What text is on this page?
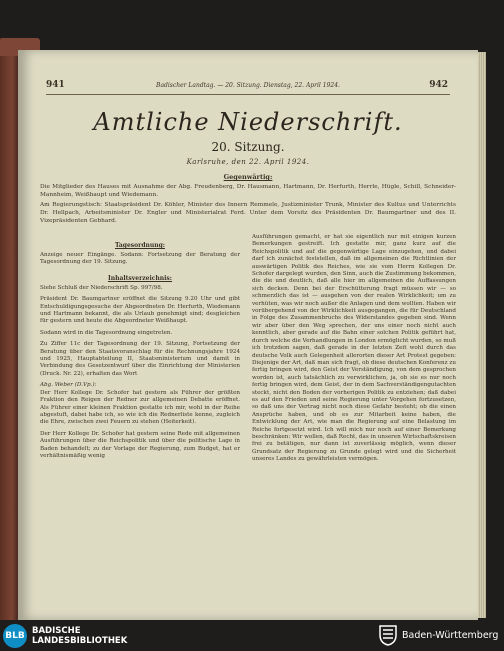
941	Badischer Landtag. — 20. Sitzung. Dienstag, 22. April 1924.	942
Amtliche Niederschrift.
20. Sitzung.
Karlsruhe, den 22. April 1924.
Gegenwärtig:
Die Mitglieder des Hauses mit Ausnahme der Abg. Freudenberg, Dr. Hausmann, Hartmann, Dr. Herfurth, Herrle, Hügle, Schill, Schneider-Mannheim, Weißhaupt und Wiedemann.
Am Regierungstisch: Staatspräsident Dr. Köhler, Minister des Innern Remmele, Justizminister Trunk, Minister des Kultus und Unterrichts Dr. Hellpach, Arbeitsminister Dr. Engler und Ministerialrat Ferd. Unter dem Vorsitz des Präsidenten Dr. Baumgartner und des II. Vizepräsidenten Gebhard.
Tagesordnung:
Anzeige neuer Eingänge. Sodann: Fortsetzung der Beratung der Tagesordnung der 19. Sitzung.
Inhaltsverzeichnis:
Siehe Schluß der Niederschrift Sp. 997/98.
Präsident Dr. Baumgartner eröffnet die Sitzung 9.20 Uhr und gibt Entschuldigungsgesuche der Abgeordneten Dr. Herfurth, Wiedemann und Hartmann bekannt, die als Urlaub genehmigt sind; desgleichen für gestern und heute die Abgeordneter Weißhaupt.
Sodann wird in die Tagesordnung eingetreten.
Zu Ziffer 11c der Tagesordnung der 19. Sitzung, Fortsetzung der Beratung über den Staatsvoranschlag für die Rechnungsjahre 1924 und 1925, Hauptabteilung II, Staatsministerium und damit in Verbindung des Gesetzentwurf über die Einrichtung der Ministerien (Druck. Nr. 22), erhalten das Wort
Abg. Weber (D.Vp.):
Der Herr Kollege Dr. Schofer hat gestern als Führer der größten Fraktion den Reigen der Redner zur allgemeinen Debatte eröffnet. Als Führer einer kleinen Fraktion gestatte ich mir, wohl in der Reihe abgestuft, dabei habe ich, so wie ich die Rednerliste kenne, zugleich die Ehre, zwischen zwei Feuern zu stehen (Heiterkeit).
Der Herr Kollege Dr. Schofer hat gestern seine Rede mit allgemeinen Ausführungen über die Reichspolitik und über die politische Lage in Baden behandelt; zu der Vorlage der Regierung, zum Budget, hat er verhältnismäßig wenig
Ausführungen gemacht, er hat sie eigentlich nur mit einigen kurzen Bemerkungen gestreift. Ich gestatte mir, ganz kurz auf die Reichspolitik und auf die gegenwärtige Lage einzugehen, und dabei darf ich zunächst feststellen, daß im allgemeinen die Richtlinien der auswärtigen Politik des Reiches, wie sie vom Herrn Kollegen Dr. Schofer dargelegt wurden, den Sinn, auch die Zustimmung bekommen, die die und deutlich, daß alle hier im allgemeinen die Auffassungen sich decken. Denn bei der Erschütterung fragt müssen wir — so schmerzlich das ist — ausgehen von der realen Wirklichkeit; um zu verhüten, was wir noch außer die Anlagen und dem wollten. Haben wir vorübergehend von der Wirklichkeit ausgegangen, die für Deutschland in Folge des Zusammenbruchs des Widerstandes gegeben sind. Wenn wir aber über den Weg sprechen, der uns einer noch nicht auch kenntlich, aber gerade auf die Bahn einer solchen Politik geführt hat, durch welche die Verhandlungen in London ermöglicht wurden, so muß ich trotzdem sagen, daß gerade in der letzten Zeit wohl durch das deutsche Volk auch Gelegenheit allerorten dieser Art Protest gegeben: Diejenige der Art, daß man sich fragt, ob diese deutschen Konferenz zu fertig bringen wird, den Geist der Verständigung, von dem gesprochen worden ist, auch tatsächlich zu verwirklichen, ja, ob sie es nur noch fertig bringen wird, dem Geist, der in dem Sachverständigengutachten steckt, nicht den Boden der vorherigen Politik zu entziehen; daß dabei es auf den Frieden und seine Regierung unter Vorgehen fortzusetzen, so daß uns der Vertrag nicht noch diese Gefahr besteht; ob die einen Ansprüche haben, und ob es zur Mitarbeit keine haben, die Entwicklung der Art, wie man die Regierung auf eine Belastung im Reiche fortgesetzt wird. Ich will mich nur noch auf einer Bemerkung beschränken: Wir wollen, daß Recht, das in unseren Wirtschaftskreisen frei zu betätigen, nur dann ist zuverlässig möglich, wenn dieser Grundsatz der Regierung zu Grunde gelegt wird und die Sicherheit unseres Landes zu gewährleisten vermögen.
BLB BADISCHE
LANDESBIBLIOTHEK	Baden-Württemberg
